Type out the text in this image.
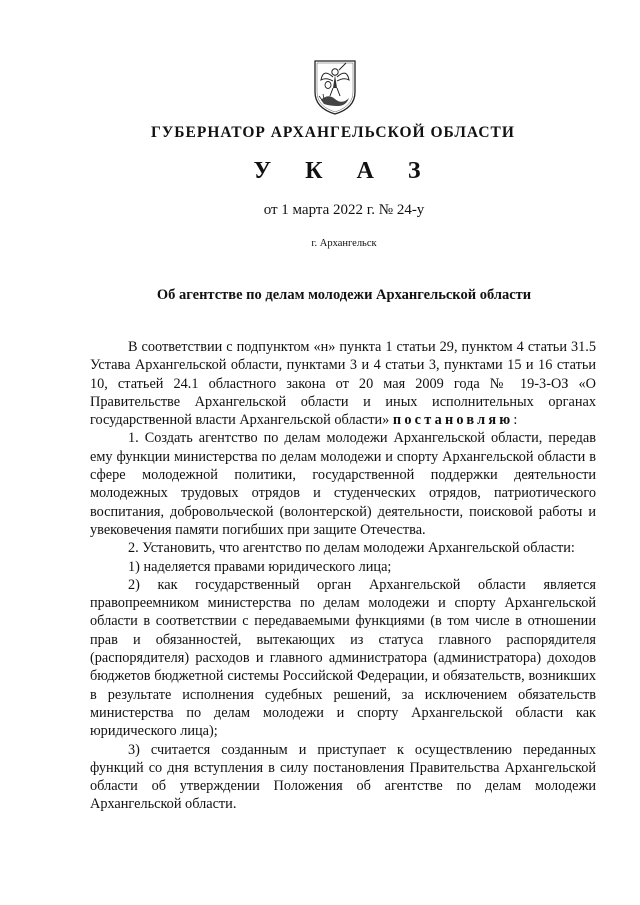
ГУБЕРНАТОР АРХАНГЕЛЬСКОЙ ОБЛАСТИ
У К А З
от 1 марта 2022 г. № 24-у
г. Архангельск
Об агентстве по делам молодежи Архангельской области

В соответствии с подпунктом «н» пункта 1 статьи 29, пунктом 4 статьи 31.5 Устава Архангельской области, пунктами 3 и 4 статьи 3, пунктами 15 и 16 статьи 10, статьей 24.1 областного закона от 20 мая 2009 года № 19-3-ОЗ «О Правительстве Архангельской области и иных исполнительных органах государственной власти Архангельской области» постановляю:

1. Создать агентство по делам молодежи Архангельской области, передав ему функции министерства по делам молодежи и спорту Архангельской области в сфере молодежной политики, государственной поддержки деятельности молодежных трудовых отрядов и студенческих отрядов, патриотического воспитания, добровольческой (волонтерской) деятельности, поисковой работы и увековечения памяти погибших при защите Отечества.

2. Установить, что агентство по делам молодежи Архангельской области:

1) наделяется правами юридического лица;

2) как государственный орган Архангельской области является правопреемником министерства по делам молодежи и спорту Архангельской области в соответствии с передаваемыми функциями (в том числе в отношении прав и обязанностей, вытекающих из статуса главного распорядителя (распорядителя) расходов и главного администратора (администратора) доходов бюджетов бюджетной системы Российской Федерации, и обязательств, возникших в результате исполнения судебных решений, за исключением обязательств министерства по делам молодежи и спорту Архангельской области как юридического лица);

3) считается созданным и приступает к осуществлению переданных функций со дня вступления в силу постановления Правительства Архангельской области об утверждении Положения об агентстве по делам молодежи Архангельской области.
